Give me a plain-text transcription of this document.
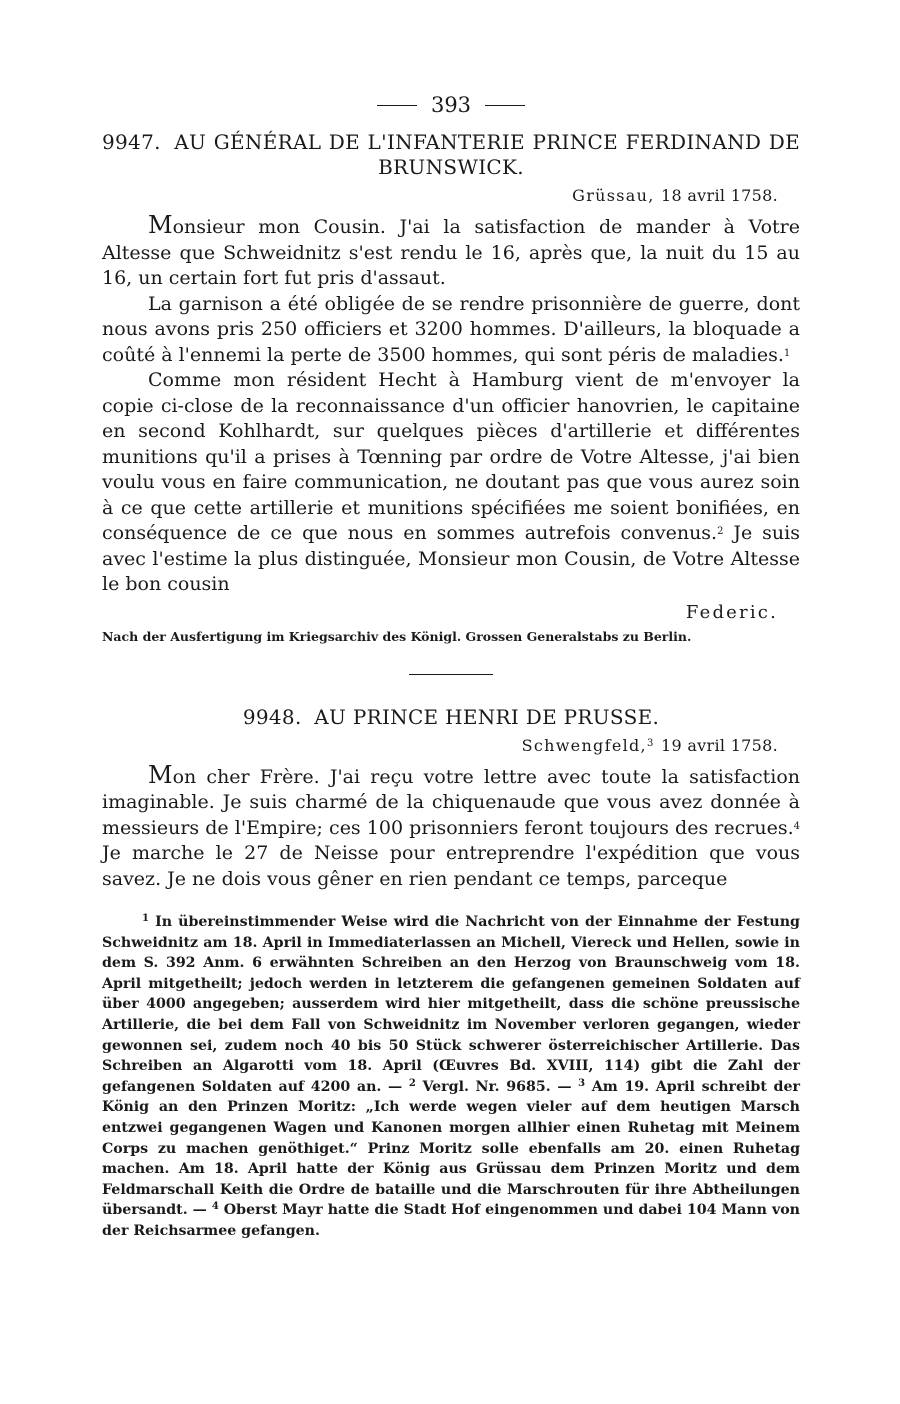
393
9947. AU GÉNÉRAL DE L'INFANTERIE PRINCE FERDINAND DE BRUNSWICK.
Grüssau, 18 avril 1758.

Monsieur mon Cousin. J'ai la satisfaction de mander à Votre Altesse que Schweidnitz s'est rendu le 16, après que, la nuit du 15 au 16, un certain fort fut pris d'assaut.

La garnison a été obligée de se rendre prisonnière de guerre, dont nous avons pris 250 officiers et 3200 hommes. D'ailleurs, la bloquade a coûté à l'ennemi la perte de 3500 hommes, qui sont péris de maladies.$^1$

Comme mon résident Hecht à Hamburg vient de m'envoyer la copie ci-close de la reconnaissance d'un officier hanovrien, le capitaine en second Kohlhardt, sur quelques pièces d'artillerie et différentes munitions qu'il a prises à Tœnning par ordre de Votre Altesse, j'ai bien voulu vous en faire communication, ne doutant pas que vous aurez soin à ce que cette artillerie et munitions spécifiées me soient bonifiées, en conséquence de ce que nous en sommes autrefois convenus.$^2$ Je suis avec l'estime la plus distinguée, Monsieur mon Cousin, de Votre Altesse le bon cousin

Federic.
Nach der Ausfertigung im Kriegsarchiv des Königl. Grossen Generalstabs zu Berlin.
9948. AU PRINCE HENRI DE PRUSSE.
Schwengfeld,$^3$ 19 avril 1758.

Mon cher Frère. J'ai reçu votre lettre avec toute la satisfaction imaginable. Je suis charmé de la chiquenaude que vous avez donnée à messieurs de l'Empire; ces 100 prisonniers feront toujours des recrues.$^4$ Je marche le 27 de Neisse pour entreprendre l'expédition que vous savez. Je ne dois vous gêner en rien pendant ce temps, parceque

$^1$ In übereinstimmender Weise wird die Nachricht von der Einnahme der Festung Schweidnitz am 18. April in Immediaterlassen an Michell, Viereck und Hellen, sowie in dem S. 392 Anm. 6 erwähnten Schreiben an den Herzog von Braunschweig vom 18. April mitgetheilt; jedoch werden in letzterem die gefangenen gemeinen Soldaten auf über 4000 angegeben; ausserdem wird hier mitgetheilt, dass die schöne preussische Artillerie, die bei dem Fall von Schweidnitz im November verloren gegangen, wieder gewonnen sei, zudem noch 40 bis 50 Stück schwerer österreichischer Artillerie. Das Schreiben an Algarotti vom 18. April (Œuvres Bd. XVIII, 114) gibt die Zahl der gefangenen Soldaten auf 4200 an. — $^2$ Vergl. Nr. 9685. — $^3$ Am 19. April schreibt der König an den Prinzen Moritz: „Ich werde wegen vieler auf dem heutigen Marsch entzwei gegangenen Wagen und Kanonen morgen allhier einen Ruhetag mit Meinem Corps zu machen genöthiget.“ Prinz Moritz solle ebenfalls am 20. einen Ruhetag machen. Am 18. April hatte der König aus Grüssau dem Prinzen Moritz und dem Feldmarschall Keith die Ordre de bataille und die Marschrouten für ihre Abtheilungen übersandt. — $^4$ Oberst Mayr hatte die Stadt Hof eingenommen und dabei 104 Mann von der Reichsarmee gefangen.
